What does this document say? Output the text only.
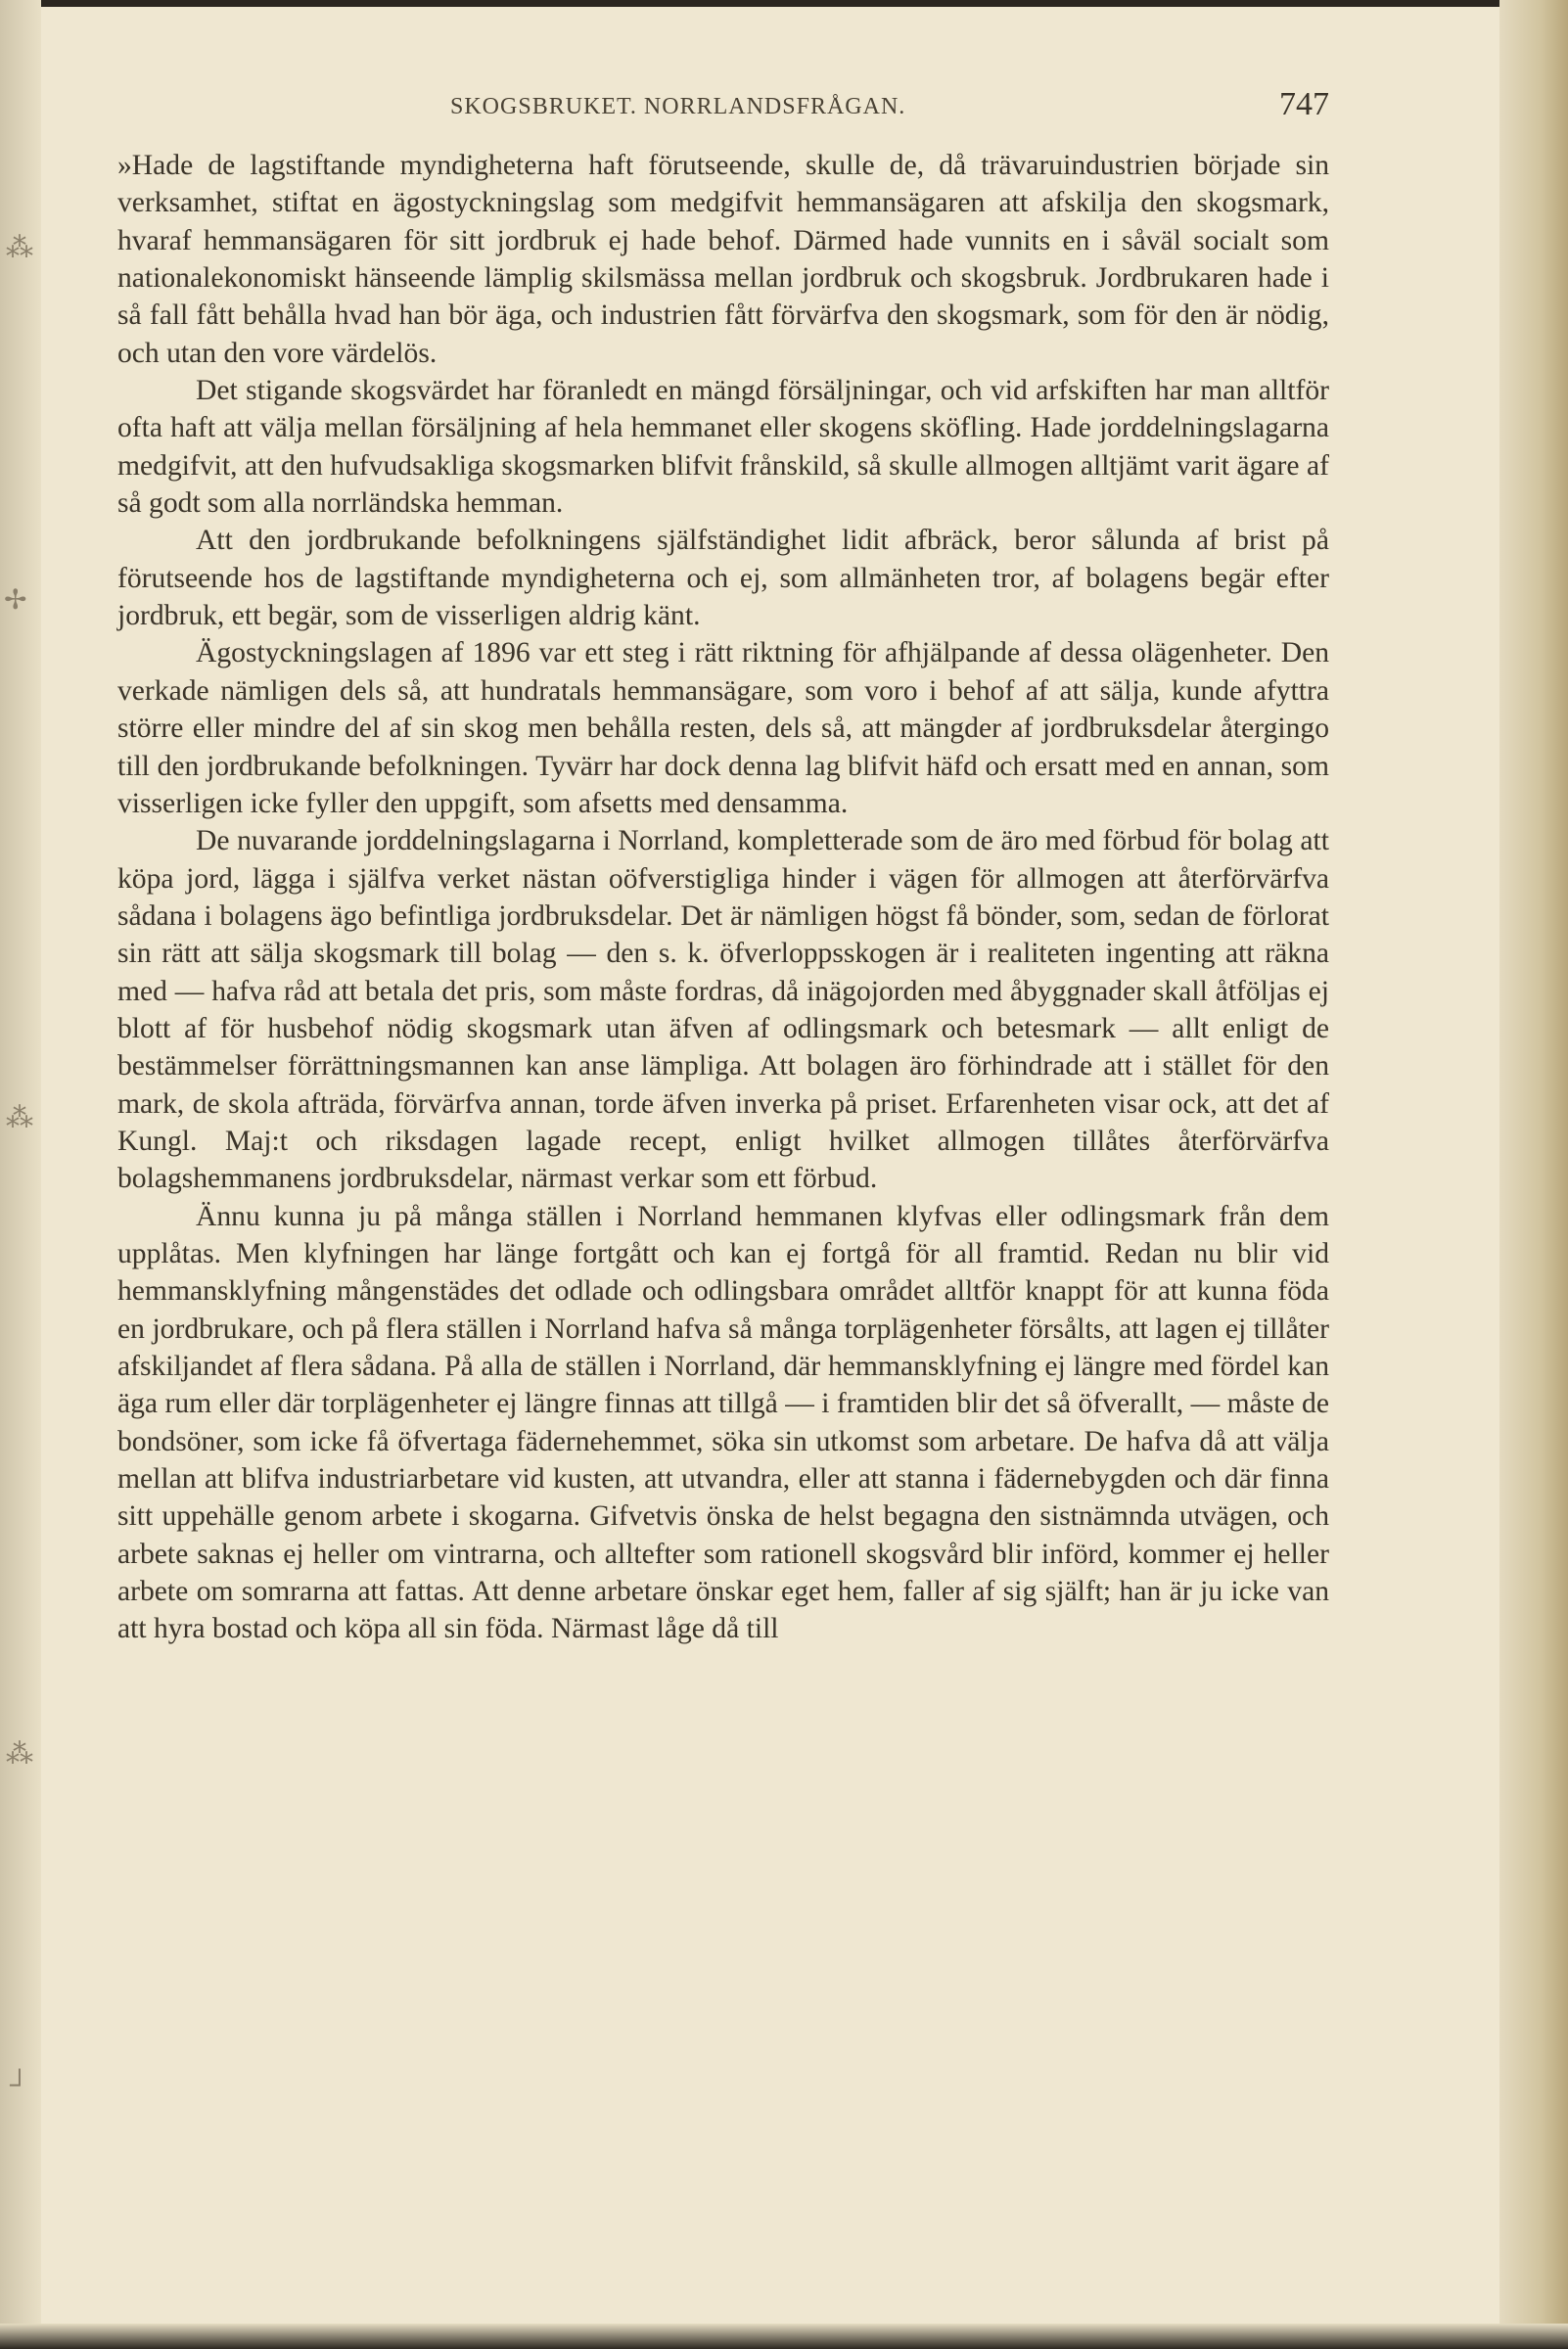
⁂
✢
⁂
⁂
┘
SKOGSBRUKET. NORRLANDSFRÅGAN.	747

»Hade de lagstiftande myndigheterna haft förutseende, skulle de, då trävaruindustrien började sin verksamhet, stiftat en ägostyckningslag som medgifvit hemmansägaren att afskilja den skogsmark, hvaraf hemmansägaren för sitt jordbruk ej hade behof. Därmed hade vunnits en i såväl socialt som nationalekonomiskt hänseende lämplig skilsmässa mellan jordbruk och skogsbruk. Jordbrukaren hade i så fall fått behålla hvad han bör äga, och industrien fått förvärfva den skogsmark, som för den är nödig, och utan den vore värdelös.

Det stigande skogsvärdet har föranledt en mängd försäljningar, och vid arfskiften har man alltför ofta haft att välja mellan försäljning af hela hemmanet eller skogens sköfling. Hade jorddelningslagarna medgifvit, att den hufvudsakliga skogsmarken blifvit frånskild, så skulle allmogen alltjämt varit ägare af så godt som alla norrländska hemman.

Att den jordbrukande befolkningens själfständighet lidit afbräck, beror sålunda af brist på förutseende hos de lagstiftande myndigheterna och ej, som allmänheten tror, af bolagens begär efter jordbruk, ett begär, som de visserligen aldrig känt.

Ägostyckningslagen af 1896 var ett steg i rätt riktning för afhjälpande af dessa olägenheter. Den verkade nämligen dels så, att hundratals hemmansägare, som voro i behof af att sälja, kunde afyttra större eller mindre del af sin skog men behålla resten, dels så, att mängder af jordbruksdelar återgingo till den jordbrukande befolkningen. Tyvärr har dock denna lag blifvit häfd och ersatt med en annan, som visserligen icke fyller den uppgift, som afsetts med densamma.

De nuvarande jorddelningslagarna i Norrland, kompletterade som de äro med förbud för bolag att köpa jord, lägga i själfva verket nästan oöfverstigliga hinder i vägen för allmogen att återförvärfva sådana i bolagens ägo befintliga jordbruksdelar. Det är nämligen högst få bönder, som, sedan de förlorat sin rätt att sälja skogsmark till bolag — den s. k. öfverloppsskogen är i realiteten ingenting att räkna med — hafva råd att betala det pris, som måste fordras, då inägojorden med åbyggnader skall åtföljas ej blott af för husbehof nödig skogsmark utan äfven af odlingsmark och betesmark — allt enligt de bestämmelser förrättningsmannen kan anse lämpliga. Att bolagen äro förhindrade att i stället för den mark, de skola afträda, förvärfva annan, torde äfven inverka på priset. Erfarenheten visar ock, att det af Kungl. Maj:t och riksdagen lagade recept, enligt hvilket allmogen tillåtes återförvärfva bolagshemmanens jordbruksdelar, närmast verkar som ett förbud.

Ännu kunna ju på många ställen i Norrland hemmanen klyfvas eller odlingsmark från dem upplåtas. Men klyfningen har länge fortgått och kan ej fortgå för all framtid. Redan nu blir vid hemmansklyfning mångenstädes det odlade och odlingsbara området alltför knappt för att kunna föda en jordbrukare, och på flera ställen i Norrland hafva så många torplägenheter försålts, att lagen ej tillåter afskiljandet af flera sådana. På alla de ställen i Norrland, där hemmansklyfning ej längre med fördel kan äga rum eller där torplägenheter ej längre finnas att tillgå — i framtiden blir det så öfverallt, — måste de bondsöner, som icke få öfvertaga fädernehemmet, söka sin utkomst som arbetare. De hafva då att välja mellan att blifva industriarbetare vid kusten, att utvandra, eller att stanna i fädernebygden och där finna sitt uppehälle genom arbete i skogarna. Gifvetvis önska de helst begagna den sistnämnda utvägen, och arbete saknas ej heller om vintrarna, och alltefter som rationell skogsvård blir införd, kommer ej heller arbete om somrarna att fattas. Att denne arbetare önskar eget hem, faller af sig själft; han är ju icke van att hyra bostad och köpa all sin föda. Närmast låge då till
